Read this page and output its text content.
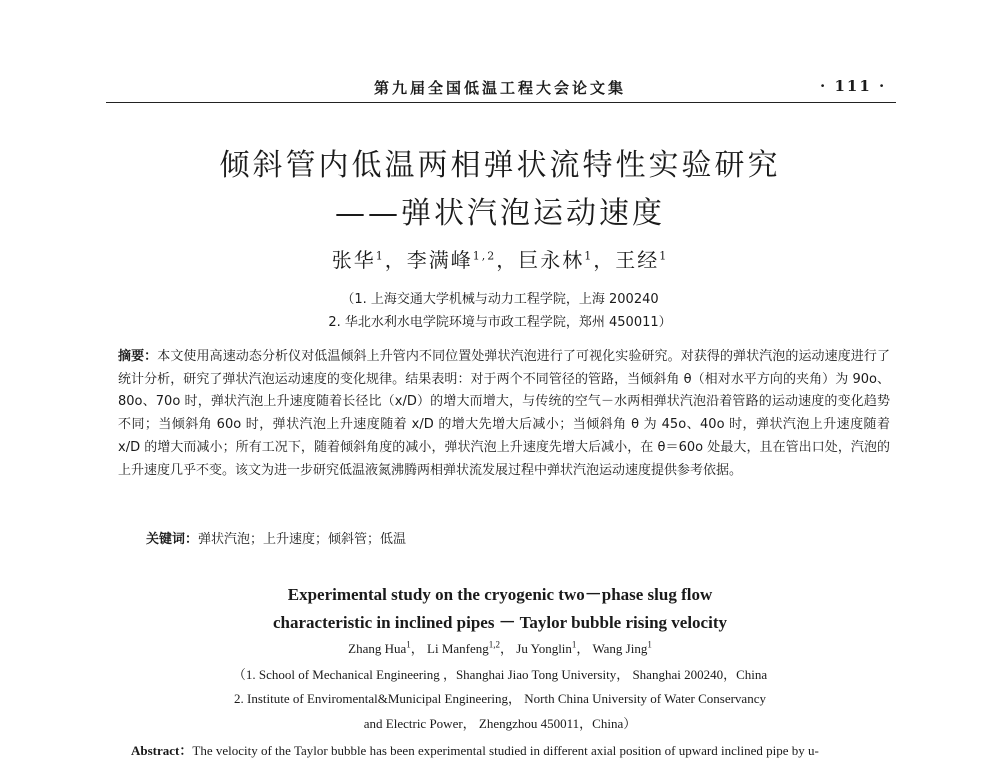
第九届全国低温工程大会论文集	· 111 ·
倾斜管内低温两相弹状流特性实验研究
——弹状汽泡运动速度
张华$^1$，李满峰$^{1,2}$，巨永林$^1$，王经$^1$
（1. 上海交通大学机械与动力工程学院，上海 200240
2. 华北水利水电学院环境与市政工程学院，郑州 450011）
摘要：本文使用高速动态分析仪对低温倾斜上升管内不同位置处弹状汽泡进行了可视化实验研究。对获得的弹状汽泡的运动速度进行了统计分析，研究了弹状汽泡运动速度的变化规律。结果表明：对于两个不同管径的管路，当倾斜角 θ（相对水平方向的夹角）为 90o、80o、70o 时，弹状汽泡上升速度随着长径比（x/D）的增大而增大，与传统的空气－水两相弹状汽泡沿着管路的运动速度的变化趋势不同；当倾斜角 60o 时，弹状汽泡上升速度随着 x/D 的增大先增大后减小；当倾斜角 θ 为 45o、40o 时，弹状汽泡上升速度随着 x/D 的增大而减小；所有工况下，随着倾斜角度的减小，弹状汽泡上升速度先增大后减小，在 θ＝60o 处最大，且在管出口处，汽泡的上升速度几乎不变。该文为进一步研究低温液氮沸腾两相弹状流发展过程中弹状汽泡运动速度提供参考依据。
关键词：弹状汽泡；上升速度；倾斜管；低温
Experimental study on the cryogenic two－phase slug flow
characteristic in inclined pipes － Taylor bubble rising velocity
Zhang Hua$^1$， Li Manfeng$^{1,2}$， Ju Yonglin$^1$， Wang Jing$^1$
（1. School of Mechanical Engineering ，Shanghai Jiao Tong University， Shanghai 200240，China
2. Institute of Enviromental&Municipal Engineering， North China University of Water Conservancy
and Electric Power， Zhengzhou 450011，China）
Abstract：The velocity of the Taylor bubble has been experimental studied in different axial position of upward inclined pipe by u-
